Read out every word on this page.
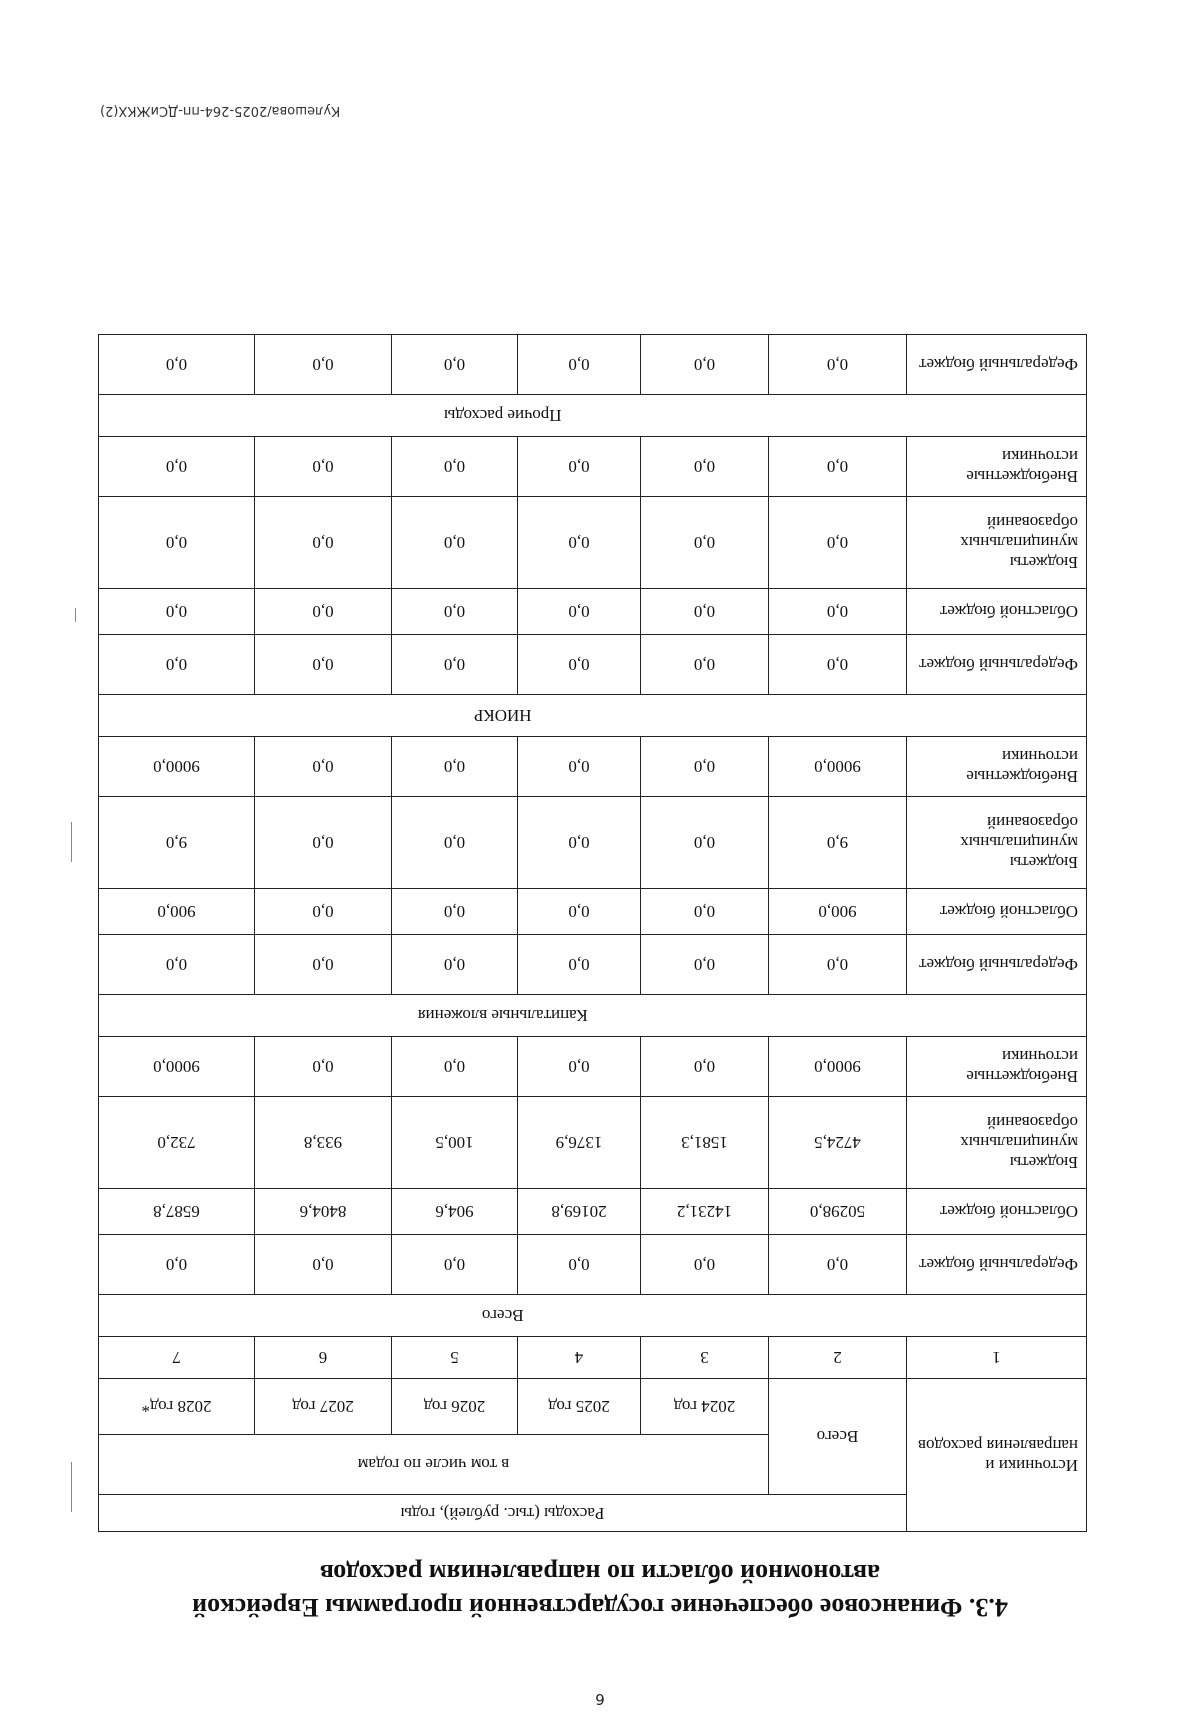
6
4.3. Финансовое обеспечение государственной программы Еврейской автономной области по направлениям расходов
Источники и направления расходов	Расходы (тыс. рублей), годы					
	Всего	в том числе по годам				
		2024 год	2025 год	2026 год	2027 год	2028 год*
1	2	3	4	5	6	7
	Всего					
Федеральный бюджет	0,0	0,0	0,0	0,0	0,0	0,0
Областной бюджет	50298,0	14231,2	20169,8	904,6	8404,6	6587,8
Бюджеты муниципальных образований	4724,5	1581,3	1376,9	100,5	933,8	732,0
Внебюджетные источники	9000,0	0,0	0,0	0,0	0,0	9000,0
	Капитальные вложения					
Федеральный бюджет	0,0	0,0	0,0	0,0	0,0	0,0
Областной бюджет	900,0	0,0	0,0	0,0	0,0	900,0
Бюджеты муниципальных образований	9,0	0,0	0,0	0,0	0,0	9,0
Внебюджетные источники	9000,0	0,0	0,0	0,0	0,0	9000,0
	НИОКР					
Федеральный бюджет	0,0	0,0	0,0	0,0	0,0	0,0
Областной бюджет	0,0	0,0	0,0	0,0	0,0	0,0
Бюджеты муниципальных образований	0,0	0,0	0,0	0,0	0,0	0,0
Внебюджетные источники	0,0	0,0	0,0	0,0	0,0	0,0
	Прочие расходы					
Федеральный бюджет	0,0	0,0	0,0	0,0	0,0	0,0
Кулешова/2025-264-пп-ДСиЖКХ(2)
